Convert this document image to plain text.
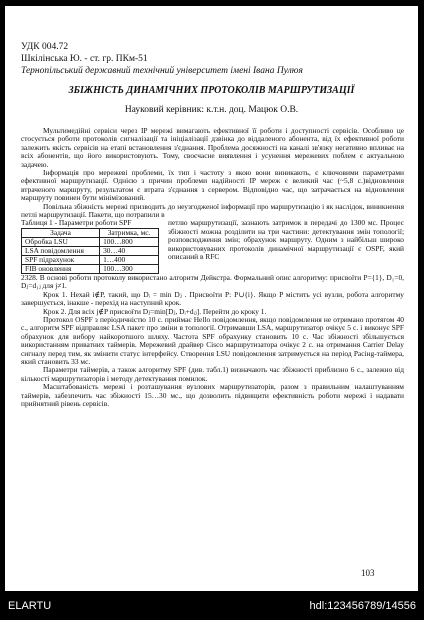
УДК 004.72
Шкілінська Ю. - ст. гр. ПКм-51
Тернопільський державний технічний університет імені Івана Пулюя
ЗБІЖНІСТЬ ДИНАМІЧНИХ ПРОТОКОЛІВ МАРШРУТИЗАЦІЇ
Науковий керівник: к.т.н. доц. Мацюк О.В.

Мультимедійні сервіси через IP мережі вимагають ефективної її роботи і доступності сервісів. Особливо це стосується роботи протоколів сигналізації та ініціалізації дзвінка до віддаленого абонента, від їх ефективної роботи залежить якість сервісів на етапі встановлення з'єднання. Проблема досяжності на каналі зв'язку негативно впливає на всіх абонентів, що його використовують. Тому, своєчасне виявлення і усунення мережевих поблем є актуальною задачею.

Інформація про мережеві проблеми, їх тип і частоту з якою вони виникають, є ключовими параметрами ефективної маршрутизації. Однією з причин проблеми надійності IP мереж є великий час (~5,8 с.)відновлення втраченого маршруту, результатом є втрата з'єднання з сервером. Відповідно час, що затрачається на відновлення маршруту повинен бути мінімізований.

Повільна збіжність мережі призводить до неузгодженої інформації про маршрутизацію і як наслідок, виникнення петлі маршрутизації. Пакети, що потрапили в

Таблиця 1 - Параметри роботи SPF
Задача	Затримка, мс.
Обробка LSU	100…800
LSA повідомлення	30…40
SPF підрахунок	1…400
FIB оновлення	100…300

петлю маршрутизації, зазнають затримок в передачі до 1300 мс. Процес збіжності можна розділити на три частини: детектування змін топології; розповсюдження змін; обрахунок маршруту. Одним з найбільш широко використовуваних протоколів динамічної маршрутизації є OSPF, який описаний в RFC

2328. В основі роботи протоколу використано алгоритм Дейкстра. Формальний опис алгоритму: присвоїти P={1}, D₁=0, Dⱼ=d₁ⱼ для j≠1.

Крок 1. Нехай i∉P, такий, що Dᵢ = min Dⱼ . Присвоїти P: P∪{i}. Якщо P містить усі вузли, робота алгоритму завершується, інакше - перехід на наступний крок.

Крок 2. Для всіх j∉P присвоїти Dⱼ=min[Dⱼ, Dᵢ+dᵢⱼ]. Перейти до кроку 1.

Протокол OSPF з періодичністю 10 с. приймає Hello повідомлення, якщо повідомлення не отримано протягом 40 с., алгоритм SPF відправляє LSA пакет про зміни в топології. Отримавши LSA, маршрутизатор очікує 5 с. і виконує SPF обрахунок для вибору найкоротшого шляху. Частота SPF обрахунку становить 10 с. Час збіжності збільшується використанням приватних таймерів. Мережевий драйвер Cisco маршрутизатора очікує 2 с. на отримання Carrier Delay сигналу перед тим, як змінити статус інтерфейсу. Створення LSU повідомлення затримується на період Расінg-таймера, який становить 33 мс.

Параметри таймерів, а також алгоритму SPF (див. табл.1) визначають час збіжності приблизно 6 с., залежно від кількості маршрутизаторів і методу детектування помилок.

Масштабованість мережі і розташування вузлових маршрутизаторів, разом з правильним налаштуванням таймерів, забезпечить час збіжності 15…30 мс., що дозволить підвищити ефективність роботи мережі і надавати прийнятний рівень сервісів.

103
ELARTU	hdl:123456789/14556
